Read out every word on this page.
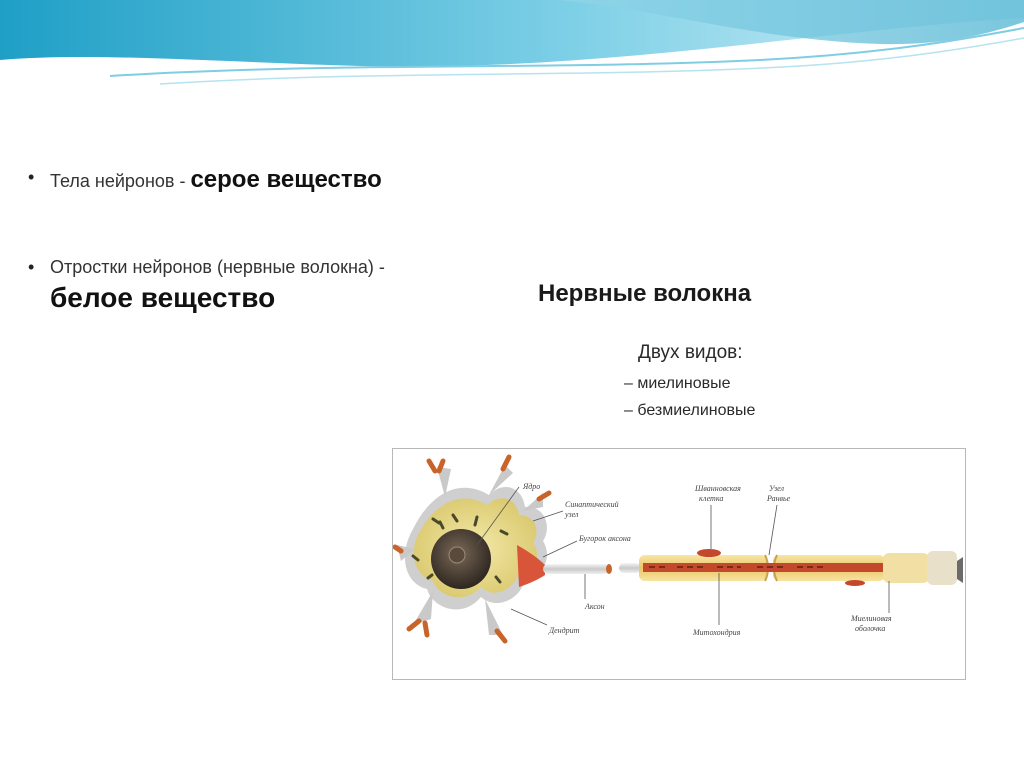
• Тела нейронов - серое вещество
• Отростки нейронов (нервные волокна) -
белое вещество	Нервные волокна
Двух видов:
– миелиновые
– безмиелиновые
Ядро
Синаптический
узел
Бугорок аксона
Аксон
Дендрит
Шванновская
клетка
Узел
Ранвье
Митохондрия
Миелиновая
оболочка
